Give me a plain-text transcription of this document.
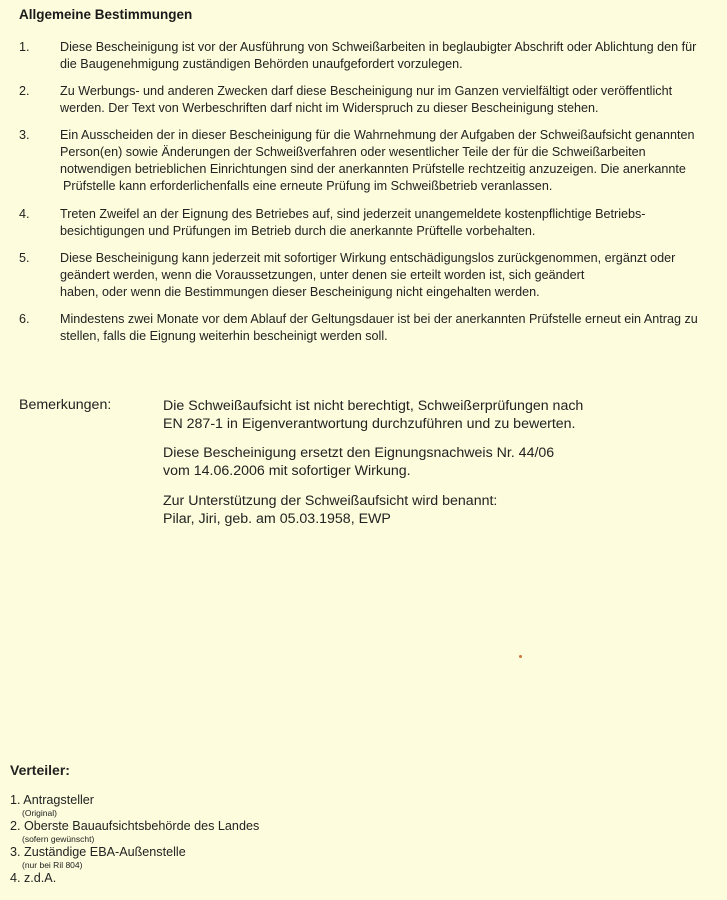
Allgemeine Bestimmungen
1. Diese Bescheinigung ist vor der Ausführung von Schweißarbeiten in beglaubigter Abschrift oder Ablichtung den für
die Baugenehmigung zuständigen Behörden unaufgefordert vorzulegen.
2. Zu Werbungs- und anderen Zwecken darf diese Bescheinigung nur im Ganzen vervielfältigt oder veröffentlicht
werden. Der Text von Werbeschriften darf nicht im Widerspruch zu dieser Bescheinigung stehen.
3. Ein Ausscheiden der in dieser Bescheinigung für die Wahrnehmung der Aufgaben der Schweißaufsicht genannten
Person(en) sowie Änderungen der Schweißverfahren oder wesentlicher Teile der für die Schweißarbeiten
notwendigen betrieblichen Einrichtungen sind der anerkannten Prüfstelle rechtzeitig anzuzeigen. Die anerkannte
Prüfstelle kann erforderlichenfalls eine erneute Prüfung im Schweißbetrieb veranlassen.
4. Treten Zweifel an der Eignung des Betriebes auf, sind jederzeit unangemeldete kostenpflichtige Betriebs-
besichtigungen und Prüfungen im Betrieb durch die anerkannte Prüftelle vorbehalten.
5. Diese Bescheinigung kann jederzeit mit sofortiger Wirkung entschädigungslos zurückgenommen, ergänzt oder
geändert werden, wenn die Voraussetzungen, unter denen sie erteilt worden ist, sich geändert
haben, oder wenn die Bestimmungen dieser Bescheinigung nicht eingehalten werden.
6. Mindestens zwei Monate vor dem Ablauf der Geltungsdauer ist bei der anerkannten Prüfstelle erneut ein Antrag zu
stellen, falls die Eignung weiterhin bescheinigt werden soll.
Bemerkungen:	Die Schweißaufsicht ist nicht berechtigt, Schweißerprüfungen nach
EN 287-1 in Eigenverantwortung durchzuführen und zu bewerten.
Diese Bescheinigung ersetzt den Eignungsnachweis Nr. 44/06
vom 14.06.2006 mit sofortiger Wirkung.
Zur Unterstützung der Schweißaufsicht wird benannt:
Pilar, Jiri, geb. am 05.03.1958, EWP
Verteiler:
1. Antragsteller
(Original)
2. Oberste Bauaufsichtsbehörde des Landes
(sofern gewünscht)
3. Zuständige EBA-Außenstelle
(nur bei Ril 804)
4. z.d.A.
